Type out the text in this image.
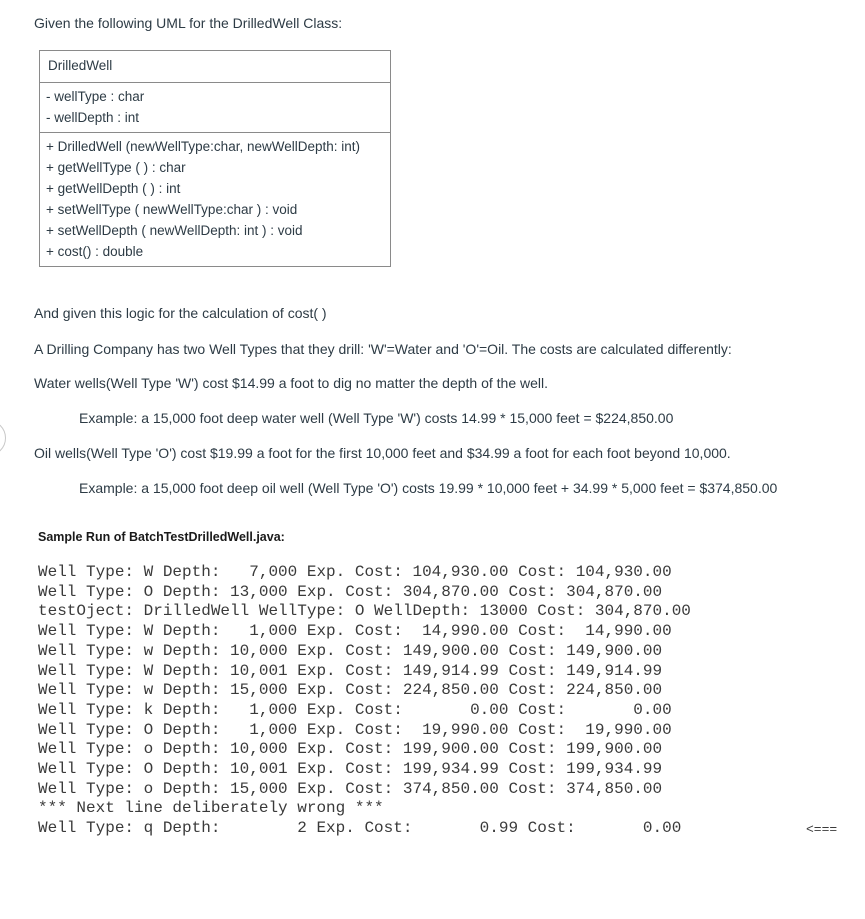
Given the following UML for the DrilledWell Class:

DrilledWell
- wellType : char
- wellDepth : int
+ DrilledWell (newWellType:char, newWellDepth: int)
+ getWellType ( ) : char
+ getWellDepth ( ) : int
+ setWellType ( newWellType:char ) : void
+ setWellDepth ( newWellDepth: int ) : void
+ cost() : double

And given this logic for the calculation of cost( )

A Drilling Company has two Well Types that they drill: 'W'=Water and 'O'=Oil. The costs are calculated differently:

Water wells(Well Type 'W') cost $14.99 a foot to dig no matter the depth of the well.

Example: a 15,000 foot deep water well (Well Type 'W') costs 14.99 * 15,000 feet = $224,850.00

Oil wells(Well Type 'O') cost $19.99 a foot for the first 10,000 feet and $34.99 a foot for each foot beyond 10,000.

Example: a 15,000 foot deep oil well (Well Type 'O') costs 19.99 * 10,000 feet + 34.99 * 5,000 feet = $374,850.00

Sample Run of BatchTestDrilledWell.java:

Well Type: W Depth:   7,000 Exp. Cost: 104,930.00 Cost: 104,930.00
Well Type: O Depth: 13,000 Exp. Cost: 304,870.00 Cost: 304,870.00
testOject: DrilledWell WellType: O WellDepth: 13000 Cost: 304,870.00
Well Type: W Depth:   1,000 Exp. Cost:  14,990.00 Cost:  14,990.00
Well Type: w Depth: 10,000 Exp. Cost: 149,900.00 Cost: 149,900.00
Well Type: W Depth: 10,001 Exp. Cost: 149,914.99 Cost: 149,914.99
Well Type: w Depth: 15,000 Exp. Cost: 224,850.00 Cost: 224,850.00
Well Type: k Depth:   1,000 Exp. Cost:       0.00 Cost:       0.00
Well Type: O Depth:   1,000 Exp. Cost:  19,990.00 Cost:  19,990.00
Well Type: o Depth: 10,000 Exp. Cost: 199,900.00 Cost: 199,900.00
Well Type: O Depth: 10,001 Exp. Cost: 199,934.99 Cost: 199,934.99
Well Type: o Depth: 15,000 Exp. Cost: 374,850.00 Cost: 374,850.00
*** Next line deliberately wrong ***
Well Type: q Depth:        2 Exp. Cost:       0.99 Cost:       0.00	<===
